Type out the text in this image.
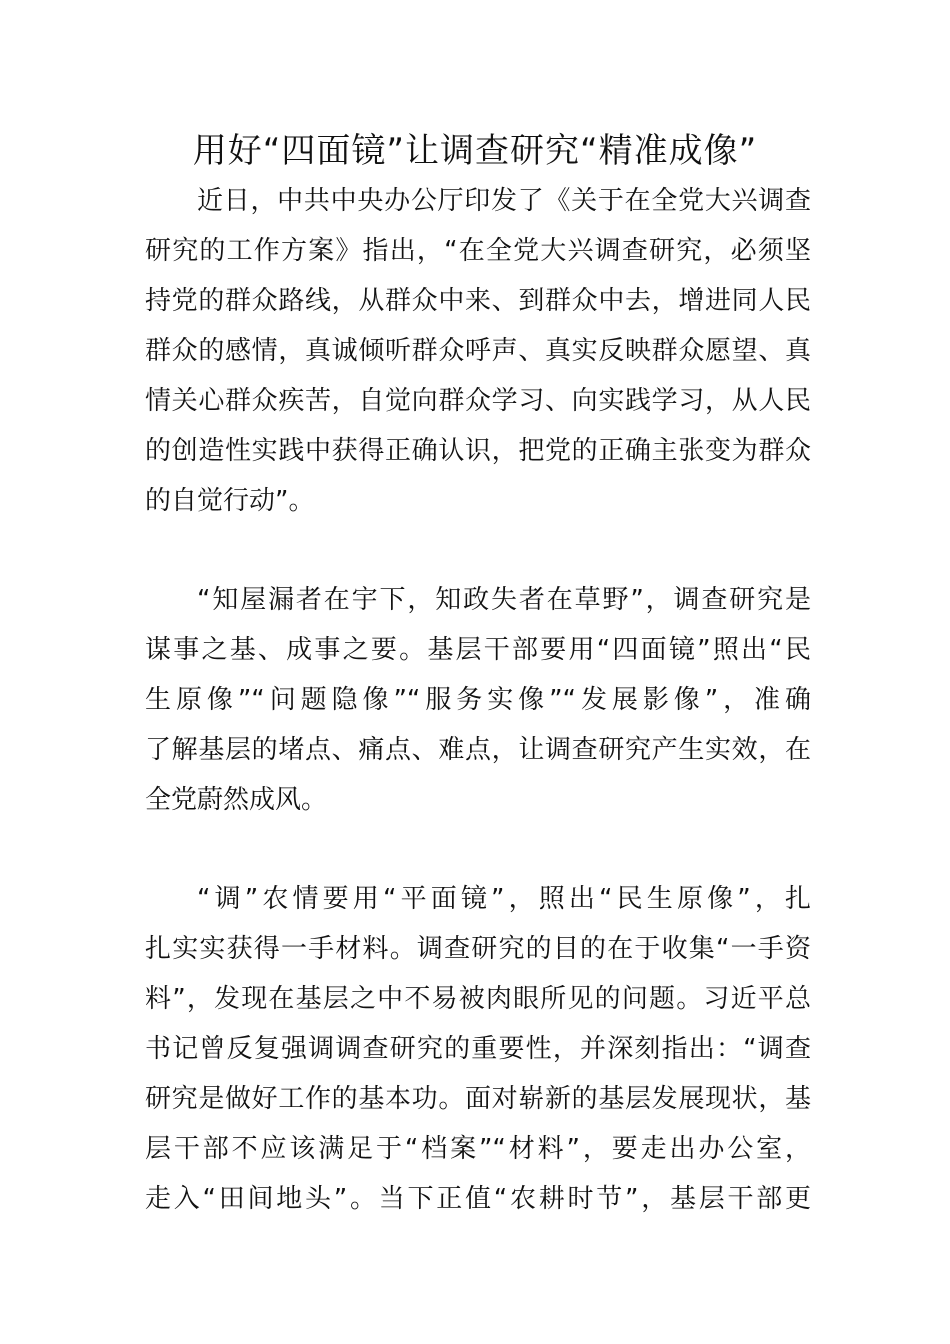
用好“四面镜”让调查研究“精准成像”
近日，中共中央办公厅印发了《关于在全党大兴调查
研究的工作方案》指出，“在全党大兴调查研究，必须坚
持党的群众路线，从群众中来、到群众中去，增进同人民
群众的感情，真诚倾听群众呼声、真实反映群众愿望、真
情关心群众疾苦，自觉向群众学习、向实践学习，从人民
的创造性实践中获得正确认识，把党的正确主张变为群众
的自觉行动”。
“知屋漏者在宇下，知政失者在草野”，调查研究是
谋事之基、成事之要。基层干部要用“四面镜”照出“民
生原像”“问题隐像”“服务实像”“发展影像”，准确
了解基层的堵点、痛点、难点，让调查研究产生实效，在
全党蔚然成风。
“调”农情要用“平面镜”，照出“民生原像”，扎
扎实实获得一手材料。调查研究的目的在于收集“一手资
料”，发现在基层之中不易被肉眼所见的问题。习近平总
书记曾反复强调调查研究的重要性，并深刻指出：“调查
研究是做好工作的基本功。面对崭新的基层发展现状，基
层干部不应该满足于“档案”“材料”，要走出办公室，
走入“田间地头”。当下正值“农耕时节”，基层干部更
